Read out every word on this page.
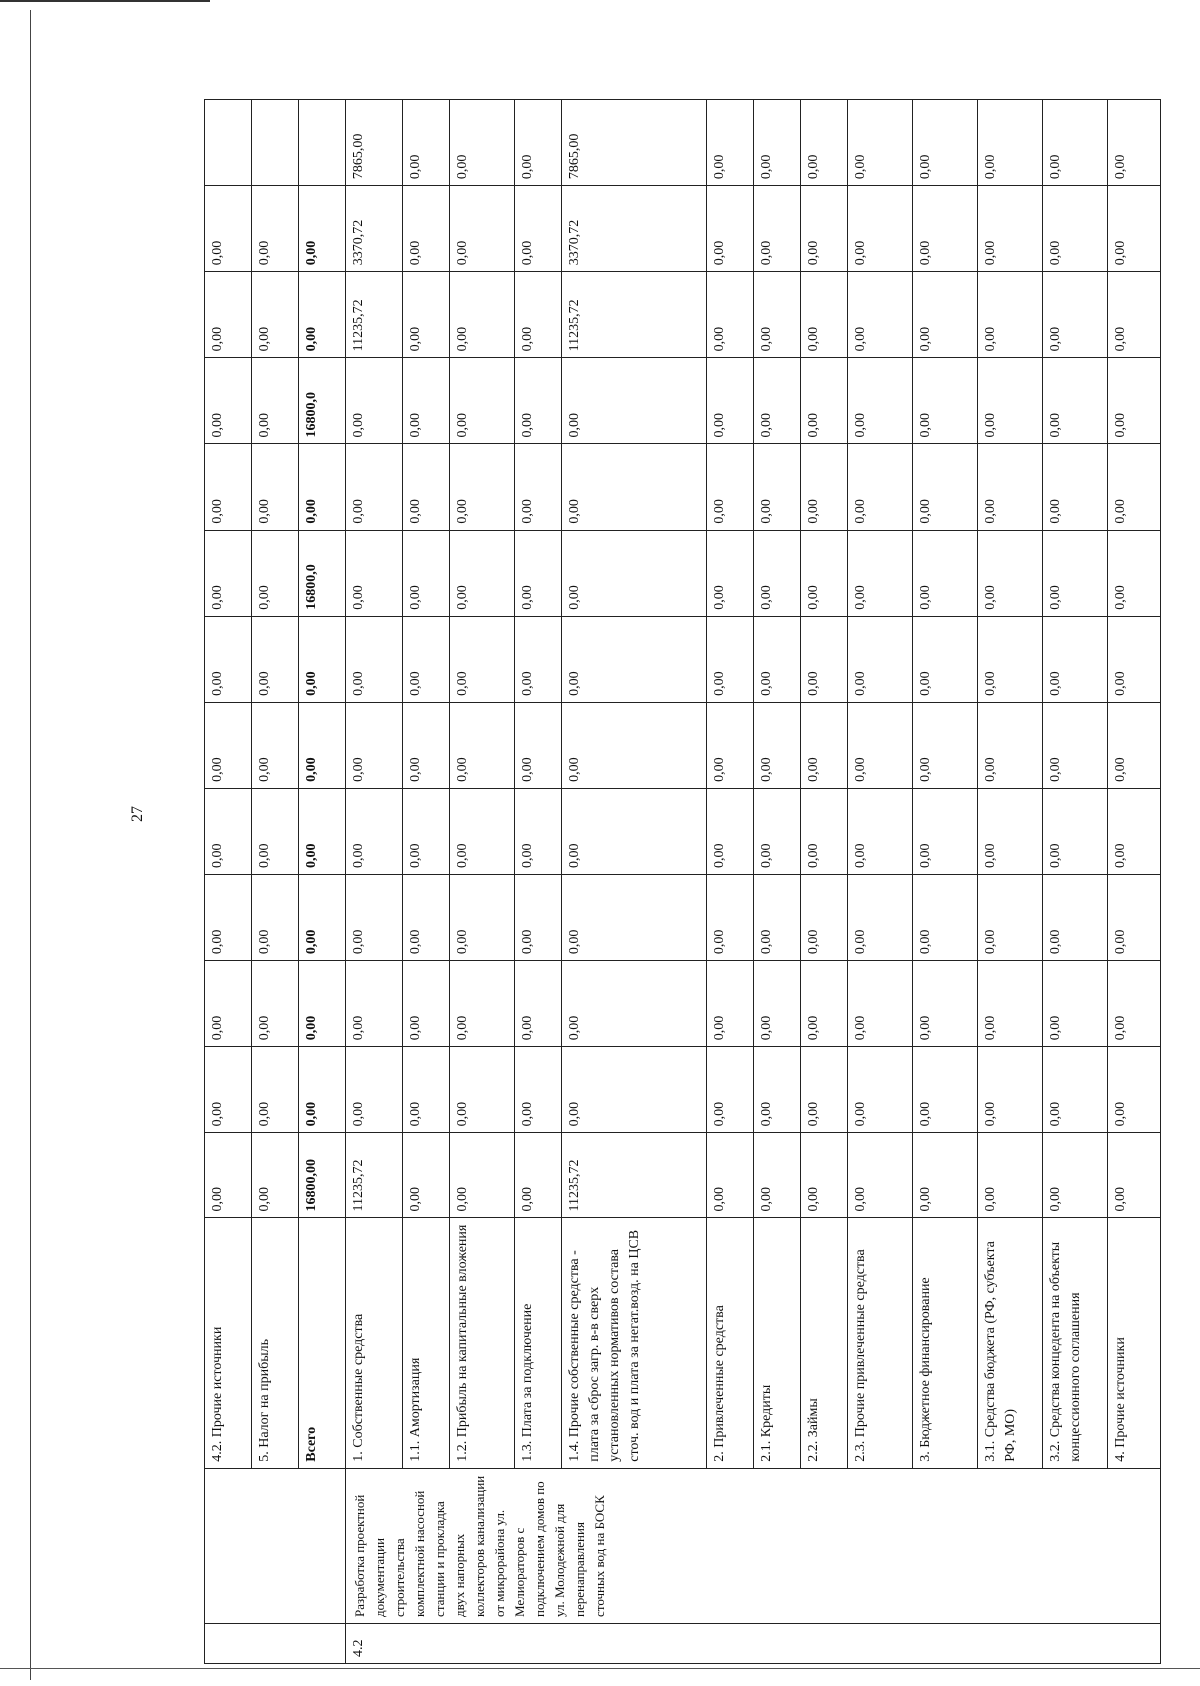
27
		4.2. Прочие источники	0,00	0,00	0,00	0,00	0,00	0,00	0,00	0,00	0,00	0,00	0,00	0,00	
		5. Налог на прибыль	0,00	0,00	0,00	0,00	0,00	0,00	0,00	0,00	0,00	0,00	0,00	0,00	
		Всего	16800,00	0,00	0,00	0,00	0,00	0,00	0,00	16800,0	0,00	16800,0	0,00	0,00	
4.2	Разработка проектной документации строительства комплектной насосной станции и прокладка двух напорных коллекторов канализации от микрорайона ул. Мелиораторов с подключением домов по ул. Молодежной для перенаправления сточных вод на БОСК	1. Собственные средства	11235,72	0,00	0,00	0,00	0,00	0,00	0,00	0,00	0,00	0,00	11235,72	3370,72	7865,00
		1.1. Амортизация	0,00	0,00	0,00	0,00	0,00	0,00	0,00	0,00	0,00	0,00	0,00	0,00	0,00
		1.2. Прибыль на капитальные вложения	0,00	0,00	0,00	0,00	0,00	0,00	0,00	0,00	0,00	0,00	0,00	0,00	0,00
		1.3. Плата за подключение	0,00	0,00	0,00	0,00	0,00	0,00	0,00	0,00	0,00	0,00	0,00	0,00	0,00
		1.4. Прочие собственные средства - плата за сброс загр. в-в сверх установленных нормативов состава сточ. вод и плата за негат.возд. на ЦСВ	11235,72	0,00	0,00	0,00	0,00	0,00	0,00	0,00	0,00	0,00	11235,72	3370,72	7865,00
		2. Привлеченные средства	0,00	0,00	0,00	0,00	0,00	0,00	0,00	0,00	0,00	0,00	0,00	0,00	0,00
		2.1. Кредиты	0,00	0,00	0,00	0,00	0,00	0,00	0,00	0,00	0,00	0,00	0,00	0,00	0,00
		2.2. Займы	0,00	0,00	0,00	0,00	0,00	0,00	0,00	0,00	0,00	0,00	0,00	0,00	0,00
		2.3. Прочие привлеченные средства	0,00	0,00	0,00	0,00	0,00	0,00	0,00	0,00	0,00	0,00	0,00	0,00	0,00
		3. Бюджетное финансирование	0,00	0,00	0,00	0,00	0,00	0,00	0,00	0,00	0,00	0,00	0,00	0,00	0,00
		3.1. Средства бюджета (РФ, субъекта РФ, МО)	0,00	0,00	0,00	0,00	0,00	0,00	0,00	0,00	0,00	0,00	0,00	0,00	0,00
		3.2. Средства концедента на объекты концессионного соглашения	0,00	0,00	0,00	0,00	0,00	0,00	0,00	0,00	0,00	0,00	0,00	0,00	0,00
		4. Прочие источники	0,00	0,00	0,00	0,00	0,00	0,00	0,00	0,00	0,00	0,00	0,00	0,00	0,00
